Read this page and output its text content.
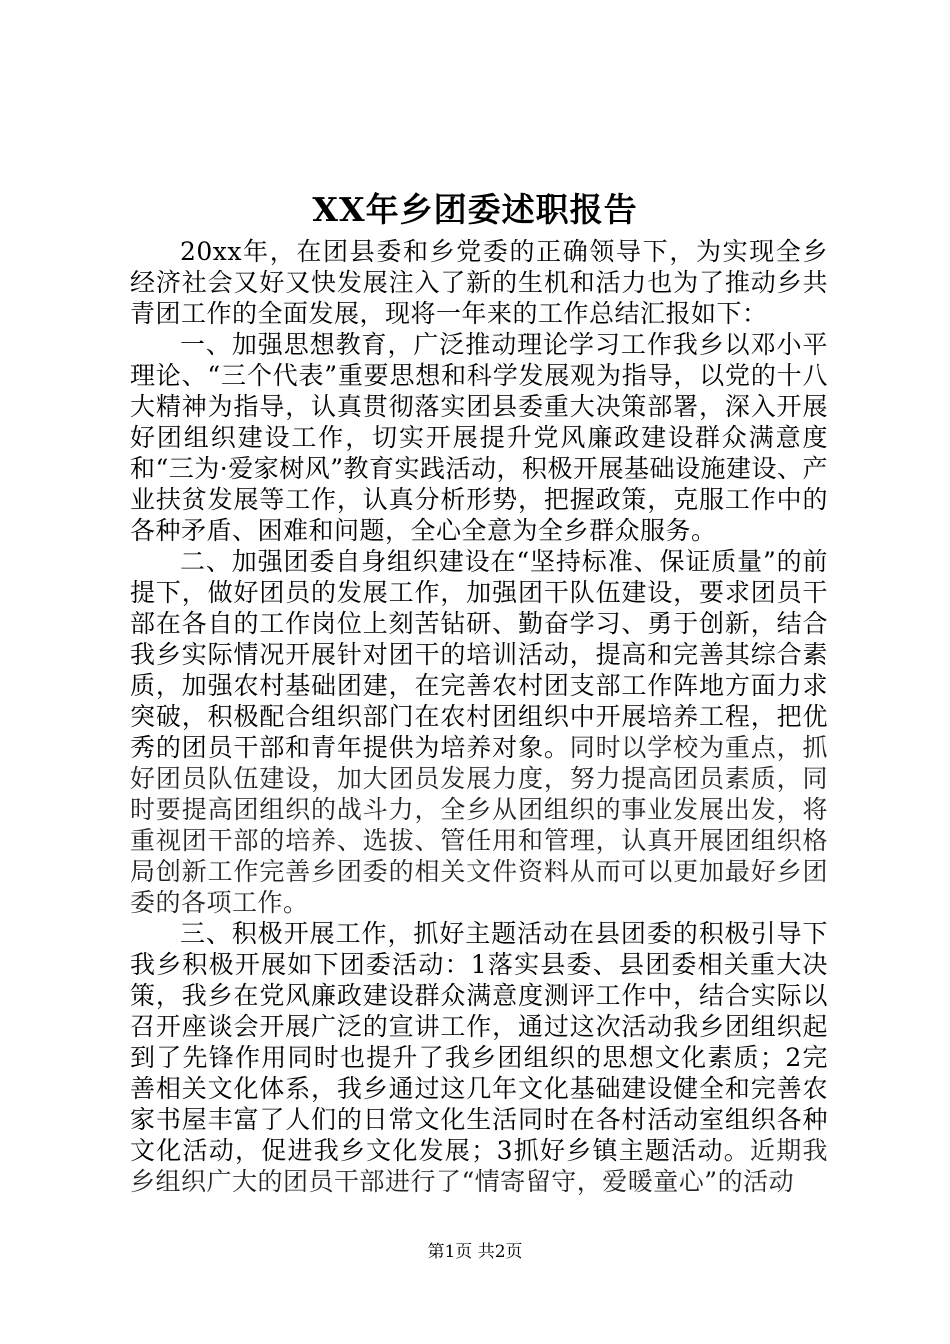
XX年乡团委述职报告

20xx年，在团县委和乡党委的正确领导下，为实现全乡经济社会又好又快发展注入了新的生机和活力也为了推动乡共青团工作的全面发展，现将一年来的工作总结汇报如下：

一、加强思想教育，广泛推动理论学习工作我乡以邓小平理论、“三个代表”重要思想和科学发展观为指导，以党的十八大精神为指导，认真贯彻落实团县委重大决策部署，深入开展好团组织建设工作，切实开展提升党风廉政建设群众满意度和“三为·爱家树风”教育实践活动，积极开展基础设施建设、产业扶贫发展等工作，认真分析形势，把握政策，克服工作中的各种矛盾、困难和问题，全心全意为全乡群众服务。

二、加强团委自身组织建设在“坚持标准、保证质量”的前提下，做好团员的发展工作，加强团干队伍建设，要求团员干部在各自的工作岗位上刻苦钻研、勤奋学习、勇于创新，结合我乡实际情况开展针对团干的培训活动，提高和完善其综合素质，加强农村基础团建，在完善农村团支部工作阵地方面力求突破，积极配合组织部门在农村团组织中开展培养工程，把优秀的团员干部和青年提供为培养对象。同时以学校为重点，抓好团员队伍建设，加大团员发展力度，努力提高团员素质，同时要提高团组织的战斗力，全乡从团组织的事业发展出发，将重视团干部的培养、选拔、管任用和管理，认真开展团组织格局创新工作完善乡团委的相关文件资料从而可以更加最好乡团委的各项工作。

三、积极开展工作，抓好主题活动在县团委的积极引导下我乡积极开展如下团委活动：1落实县委、县团委相关重大决策，我乡在党风廉政建设群众满意度测评工作中，结合实际以召开座谈会开展广泛的宣讲工作，通过这次活动我乡团组织起到了先锋作用同时也提升了我乡团组织的思想文化素质；2完善相关文化体系，我乡通过这几年文化基础建设健全和完善农家书屋丰富了人们的日常文化生活同时在各村活动室组织各种文化活动，促进我乡文化发展；3抓好乡镇主题活动。近期我乡组织广大的团员干部进行了“情寄留守，爱暖童心”的活动

第1页 共2页
